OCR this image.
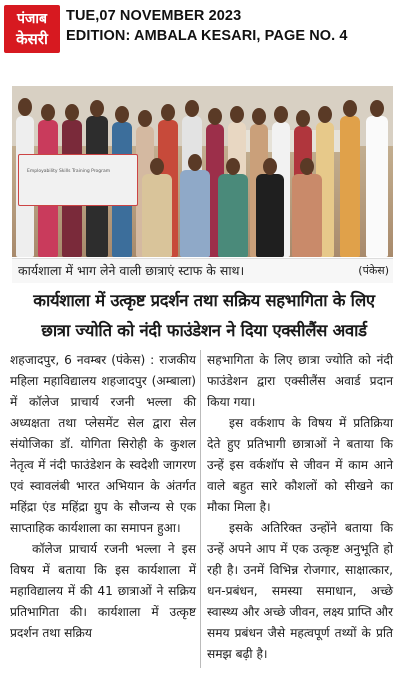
पंजाब
केसरी
TUE,07 NOVEMBER 2023
EDITION: AMBALA KESARI, PAGE NO. 4
Employability Skills Training Program
कार्यशाला में भाग लेने वाली छात्राएं स्टाफ के साथ।	(पंकेस)
कार्यशाला में उत्कृष्ट प्रदर्शन तथा सक्रिय सहभागिता के लिए
छात्रा ज्योति को नंदी फाउंडेशन ने दिया एक्सीलैंस अवार्ड

शहजादपुर, 6 नवम्बर (पंकेस) : राजकीय महिला महाविद्यालय शहजादपुर (अम्बाला) में कॉलेज प्राचार्य रजनी भल्ला की अध्यक्षता तथा प्लेसमेंट सेल द्वारा सेल संयोजिका डॉ. योगिता सिरोही के कुशल नेतृत्व में नंदी फाउंडेशन के स्वदेशी जागरण एवं स्वावलंबी भारत अभियान के अंतर्गत महिंद्रा एंड महिंद्रा ग्रुप के सौजन्य से एक साप्ताहिक कार्यशाला का समापन हुआ।

कॉलेज प्राचार्य रजनी भल्ला ने इस विषय में बताया कि इस कार्यशाला में महाविद्यालय में की 41 छात्राओं ने सक्रिय प्रतिभागिता की। कार्यशाला में उत्कृष्ट प्रदर्शन तथा सक्रिय

सहभागिता के लिए छात्रा ज्योति को नंदी फाउंडेशन द्वारा एक्सीलैंस अवार्ड प्रदान किया गया।

इस वर्कशाप के विषय में प्रतिक्रिया देते हुए प्रतिभागी छात्राओं ने बताया कि उन्हें इस वर्कशॉप से जीवन में काम आने वाले बहुत सारे कौशलों को सीखने का मौका मिला है।

इसके अतिरिक्त उन्होंने बताया कि उन्हें अपने आप में एक उत्कृष्ट अनुभूति हो रही है। उनमें विभिन्न रोजगार, साक्षात्कार, धन-प्रबंधन, समस्या समाधान, अच्छे स्वास्थ्य और अच्छे जीवन, लक्ष्य प्राप्ति और समय प्रबंधन जैसे महत्वपूर्ण तथ्यों के प्रति समझ बढ़ी है।
